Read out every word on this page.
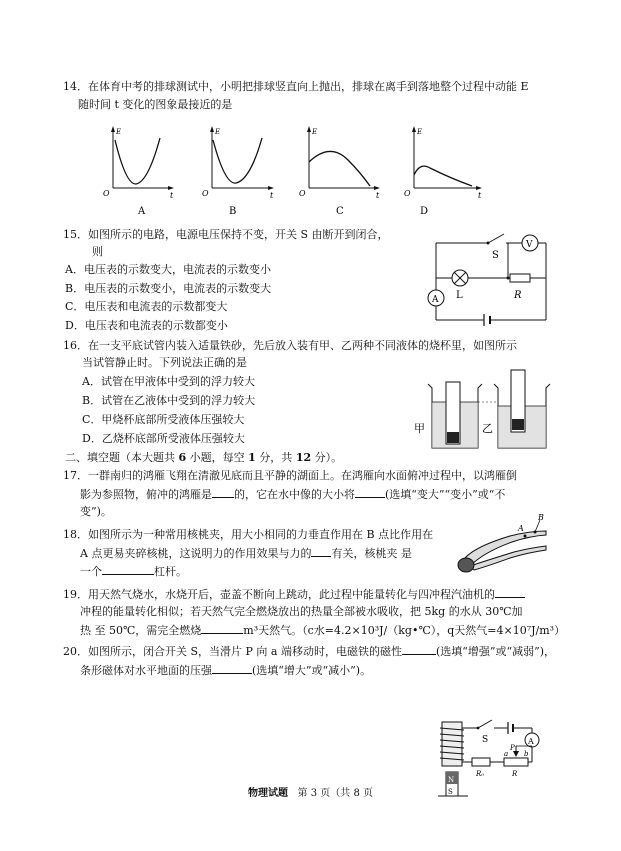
14．在体育中考的排球测试中，小明把排球竖直向上抛出，排球在离手到落地整个过程中动能 E
随时间 t 变化的图象最接近的是
E
t
O
E
t
O
E
t
O
E
t
O
A	B	C	D
15．如图所示的电路，电源电压保持不变，开关 S 由断开到闭合，
则
A．电压表的示数变大，电流表的示数变小
B．电压表的示数变小，电流表的示数变大
C．电压表和电流表的示数都变大
D．电压表和电流表的示数都变小
S
V
L	R
A
16．在一支平底试管内装入适量铁砂，先后放入装有甲、乙两种不同液体的烧杯里，如图所示
当试管静止时。下列说法正确的是
A．试管在甲液体中受到的浮力较大
B．试管在乙液体中受到的浮力较大
C．甲烧杯底部所受液体压强较大
D．乙烧杯底部所受液体压强较大
甲	乙
二、填空题（本大题共 6 小题，每空 1 分，共 12 分）。
17．一群南归的鸿雁飞翔在清澈见底而且平静的湖面上。在鸿雁向水面俯冲过程中，以鸿雁倒
影为参照物，俯冲的鸿雁是 的，它在水中像的大小将	(选填“变大”“变小”或“不
变”)。
18．如图所示为一种常用核桃夹，用大小相同的力垂直作用在 B 点比作用在
A 点更易夹碎核桃，这说明力的作用效果与力的 有关，核桃夹 是
一个	杠杆。
B
A
19．用天然气烧水，水烧开后，壶盖不断向上跳动，此过程中能量转化与四冲程汽油机的
冲程的能量转化相似；若天然气完全燃烧放出的热量全部被水吸收，把 5kg 的水从 30℃加
热 至 50℃，需完全燃烧	m³天然气。（c水=4.2×10³J/（kg•℃），q天然气=4×10⁷J/m³）
20．如图所示，闭合开关 S，当滑片 P 向 a 端移动时，电磁铁的磁性	(选填“增强”或“减弱”)，
条形磁体对水平地面的压强	(选填“增大”或“减小”)。
A
S
P
a b
R₀	R
N
S
物理试题 第 3 页（共 8 页
